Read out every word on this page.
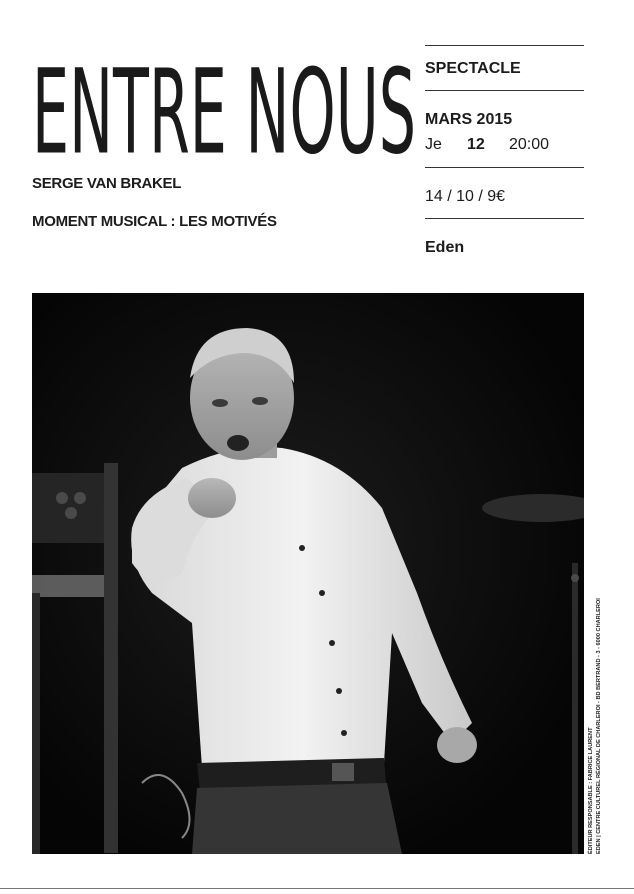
ENTRE NOUS
SERGE VAN BRAKEL
MOMENT MUSICAL : LES MOTIVÉS
SPECTACLE
MARS 2015
Je 12 20:00
14 / 10 / 9€
Eden
ÉDITEUR RESPONSABLE : FABRICE LAURENT EDEN | CENTRE CULTUREL RÉGIONAL DE CHARLEROI - BD BERTRAND - 3 - 6000 CHARLEROI
